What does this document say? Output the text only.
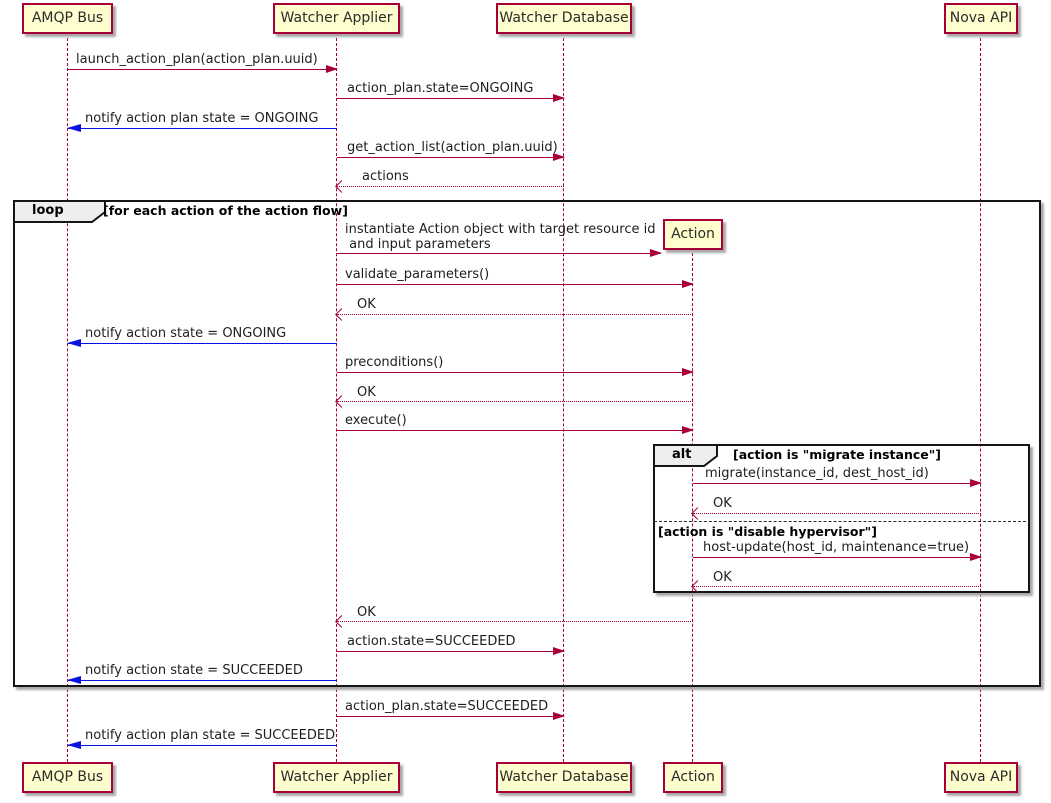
loop	[for each action of the action flow]
alt	[action is "migrate instance"]
[action is "disable hypervisor"]
launch_action_plan(action_plan.uuid)
action_plan.state=ONGOING
notify action plan state = ONGOING
get_action_list(action_plan.uuid)
actions
instantiate Action object with target resource id
and input parameters
validate_parameters()
OK
notify action state = ONGOING
preconditions()
OK
execute()
migrate(instance_id, dest_host_id)
OK
host-update(host_id, maintenance=true)
OK
OK
action.state=SUCCEEDED
notify action state = SUCCEEDED
action_plan.state=SUCCEEDED
notify action plan state = SUCCEEDED
AMQP Bus	Watcher Applier	Watcher Database	Nova API
Action
AMQP Bus	Watcher Applier	Watcher Database	Action	Nova API
